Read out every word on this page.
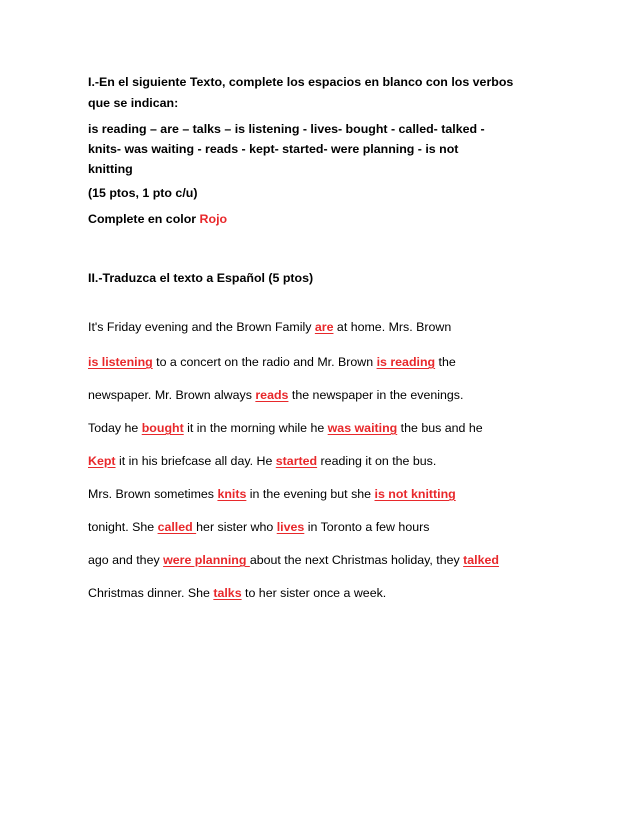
I.-En el siguiente Texto, complete los espacios en blanco con los verbos
que se indican:
is reading – are – talks – is listening - lives- bought - called- talked -
knits- was waiting - reads - kept- started- were planning - is not
knitting
(15 ptos, 1 pto c/u)
Complete en color Rojo
II.-Traduzca el texto a Español (5 ptos)
It's Friday evening and the Brown Family are at home. Mrs. Brown
is listening to a concert on the radio and Mr. Brown is reading the
newspaper. Mr. Brown always reads the newspaper in the evenings.
Today he bought it in the morning while he was waiting the bus and he
Kept it in his briefcase all day. He started reading it on the bus.
Mrs. Brown sometimes knits in the evening but she is not knitting
tonight. She called her sister who lives in Toronto a few hours
ago and they were planning about the next Christmas holiday, they talked
Christmas dinner. She talks to her sister once a week.
